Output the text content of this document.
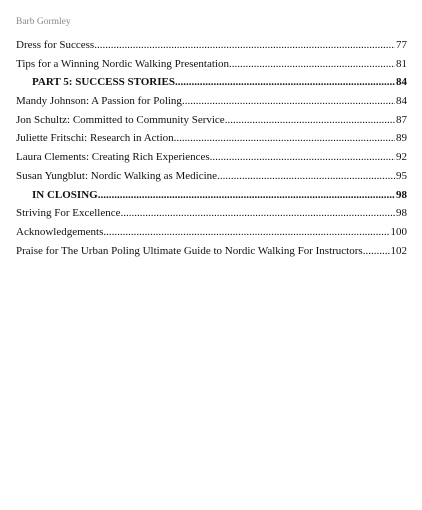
Barb Gormley
Dress for Success .....	77
Tips for a Winning Nordic Walking Presentation .....	81
PART 5: SUCCESS STORIES .....	84
Mandy Johnson: A Passion for Poling .....	84
Jon Schultz: Committed to Community Service .....	87
Juliette Fritschi: Research in Action .....	89
Laura Clements: Creating Rich Experiences .....	92
Susan Yungblut: Nordic Walking as Medicine .....	95
IN CLOSING .....	98
Striving For Excellence .....	98
Acknowledgements .....	100
Praise for The Urban Poling Ultimate Guide to Nordic Walking For Instructors .....	102
